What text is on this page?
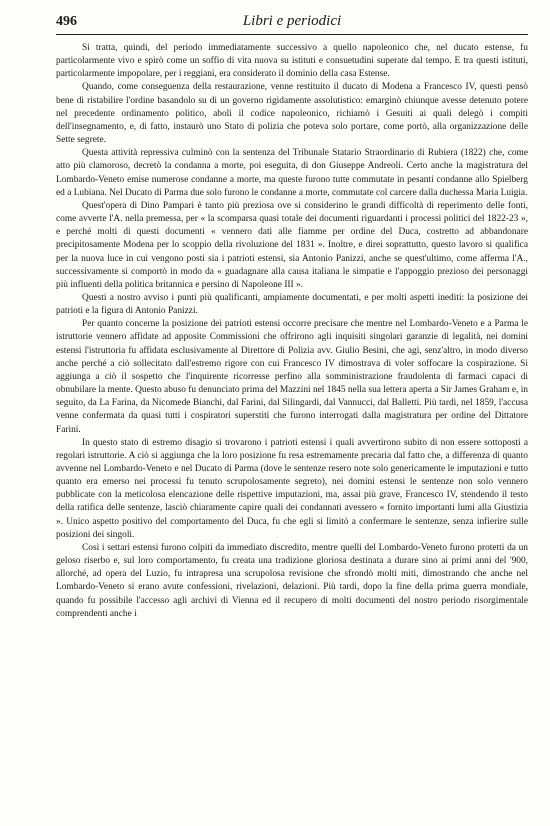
496	Libri e periodici

Si tratta, quindi, del periodo immediatamente successivo a quello napoleonico che, nel ducato estense, fu particolarmente vivo e spirò come un soffio di vita nuova su istituti e consuetudini superate dal tempo. E tra questi istituti, particolarmente impopolare, per i reggiani, era considerato il dominio della casa Estense.

Quando, come conseguenza della restaurazione, venne restituito il ducato di Modena a Francesco IV, questi pensò bene di ristabilire l'ordine basandolo su di un governo rigidamente assolutistico: emarginò chiunque avesse detenuto potere nel precedente ordinamento politico, abolì il codice napoleonico, richiamò i Gesuiti ai quali delegò i compiti dell'insegnamento, e, di fatto, instaurò uno Stato di polizia che poteva solo portare, come portò, alla organizzazione delle Sette segrete.

Questa attività repressiva culminò con la sentenza del Tribunale Statario Straordinario di Rubiera (1822) che, come atto più clamoroso, decretò la condanna a morte, poi eseguita, di don Giuseppe Andreoli. Certo anche la magistratura del Lombardo-Veneto emise numerose condanne a morte, ma queste furono tutte commutate in pesanti condanne allo Spielberg ed a Lubiana. Nel Ducato di Parma due solo furono le condanne a morte, commutate col carcere dalla duchessa Maria Luigia.

Quest'opera di Dino Pampari è tanto più preziosa ove si considerino le grandi difficoltà di reperimento delle fonti, come avverte l'A. nella premessa, per « la scomparsa quasi totale dei documenti riguardanti i processi politici del 1822-23 », e perché molti di questi documenti « vennero dati alle fiamme per ordine del Duca, costretto ad abbandonare precipitosamente Modena per lo scoppio della rivoluzione del 1831 ». Inoltre, e direi soprattutto, questo lavoro si qualifica per la nuova luce in cui vengono posti sia i patrioti estensi, sia Antonio Panizzi, anche se quest'ultimo, come afferma l'A., successivamente si comportò in modo da « guadagnare alla causa italiana le simpatie e l'appoggio prezioso dei personaggi più influenti della politica britannica e persino di Napoleone III ».

Questi a nostro avviso i punti più qualificanti, ampiamente documentati, e per molti aspetti inediti: la posizione dei patrioti e la figura di Antonio Panizzi.

Per quanto concerne la posizione dei patrioti estensi occorre precisare che mentre nel Lombardo-Veneto e a Parma le istruttorie vennero affidate ad apposite Commissioni che offrirono agli inquisiti singolari garanzie di legalità, nei domini estensi l'istruttoria fu affidata esclusivamente al Direttore di Polizia avv. Giulio Besini, che agì, senz'altro, in modo diverso anche perché a ciò sollecitato dall'estremo rigore con cui Francesco IV dimostrava di voler soffocare la cospirazione. Si aggiunga a ciò il sospetto che l'inquirente ricorresse perfino alla somministrazione fraudolenta di farmaci capaci di obnubilare la mente. Questo abuso fu denunciato prima del Mazzini nel 1845 nella sua lettera aperta a Sir James Graham e, in seguito, da La Farina, da Nicomede Bianchi, dal Farini, dal Silingardi, dal Vannucci, dal Balletti. Più tardi, nel 1859, l'accusa venne confermata da quasi tutti i cospiratori superstiti che furono interrogati dalla magistratura per ordine del Dittatore Farini.

In questo stato di estremo disagio si trovarono i patrioti estensi i quali avvertirono subito di non essere sottoposti a regolari istruttorie. A ciò si aggiunga che la loro posizione fu resa estremamente precaria dal fatto che, a differenza di quanto avvenne nel Lombardo-Veneto e nel Ducato di Parma (dove le sentenze resero note solo genericamente le imputazioni e tutto quanto era emerso nei processi fu tenuto scrupolosamente segreto), nei domini estensi le sentenze non solo vennero pubblicate con la meticolosa elencazione delle rispettive imputazioni, ma, assai più grave, Francesco IV, stendendo il testo della ratifica delle sentenze, lasciò chiaramente capire quali dei condannati avessero « fornito importanti lumi alla Giustizia ». Unico aspetto positivo del comportamento del Duca, fu che egli si limitò a confermare le sentenze, senza infierire sulle posizioni dei singoli.

Così i settari estensi furono colpiti da immediato discredito, mentre quelli del Lombardo-Veneto furono protetti da un geloso riserbo e, sul loro comportamento, fu creata una tradizione gloriosa destinata a durare sino ai primi anni del '900, allorché, ad opera del Luzio, fu intrapresa una scrupolosa revisione che sfrondò molti miti, dimostrando che anche nel Lombardo-Veneto si erano avute confessioni, rivelazioni, delazioni. Più tardi, dopo la fine della prima guerra mondiale, quando fu possibile l'accesso agli archivi di Vienna ed il recupero di molti documenti del nostro periodo risorgimentale comprendenti anche i
